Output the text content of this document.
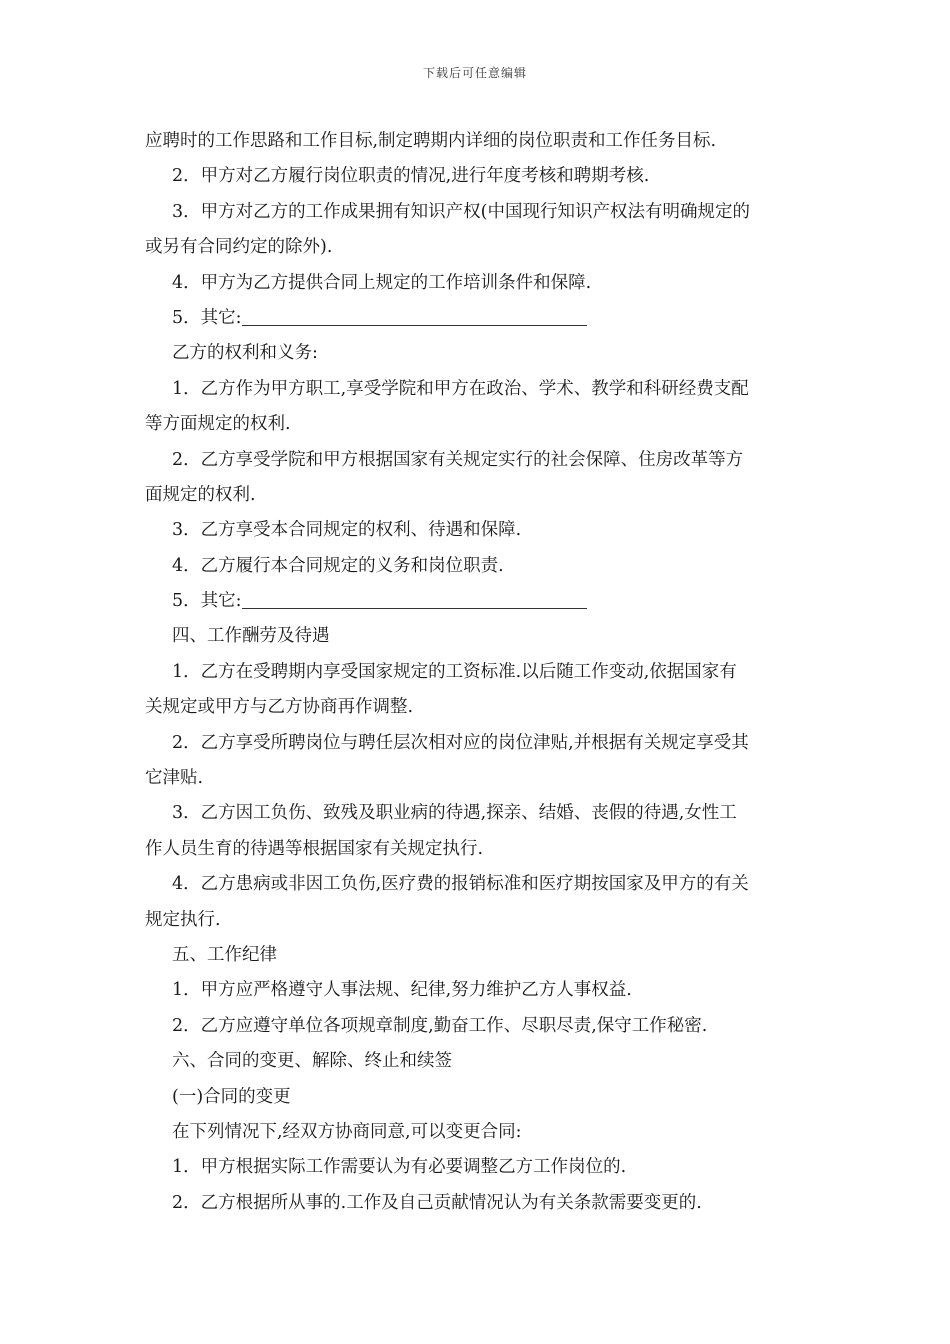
下载后可任意编辑
应聘时的工作思路和工作目标,制定聘期内详细的岗位职责和工作任务目标.
2．甲方对乙方履行岗位职责的情况,进行年度考核和聘期考核.
3．甲方对乙方的工作成果拥有知识产权(中国现行知识产权法有明确规定的
或另有合同约定的除外).
4．甲方为乙方提供合同上规定的工作培训条件和保障.
5．其它:
乙方的权利和义务:
1．乙方作为甲方职工,享受学院和甲方在政治、学术、教学和科研经费支配
等方面规定的权利.
2．乙方享受学院和甲方根据国家有关规定实行的社会保障、住房改革等方
面规定的权利.
3．乙方享受本合同规定的权利、待遇和保障.
4．乙方履行本合同规定的义务和岗位职责.
5．其它:
四、工作酬劳及待遇
1．乙方在受聘期内享受国家规定的工资标准.以后随工作变动,依据国家有
关规定或甲方与乙方协商再作调整.
2．乙方享受所聘岗位与聘任层次相对应的岗位津贴,并根据有关规定享受其
它津贴.
3．乙方因工负伤、致残及职业病的待遇,探亲、结婚、丧假的待遇,女性工
作人员生育的待遇等根据国家有关规定执行.
4．乙方患病或非因工负伤,医疗费的报销标准和医疗期按国家及甲方的有关
规定执行.
五、工作纪律
1．甲方应严格遵守人事法规、纪律,努力维护乙方人事权益.
2．乙方应遵守单位各项规章制度,勤奋工作、尽职尽责,保守工作秘密.
六、合同的变更、解除、终止和续签
(一)合同的变更
在下列情况下,经双方协商同意,可以变更合同:
1．甲方根据实际工作需要认为有必要调整乙方工作岗位的.
2．乙方根据所从事的.工作及自己贡献情况认为有关条款需要变更的.
